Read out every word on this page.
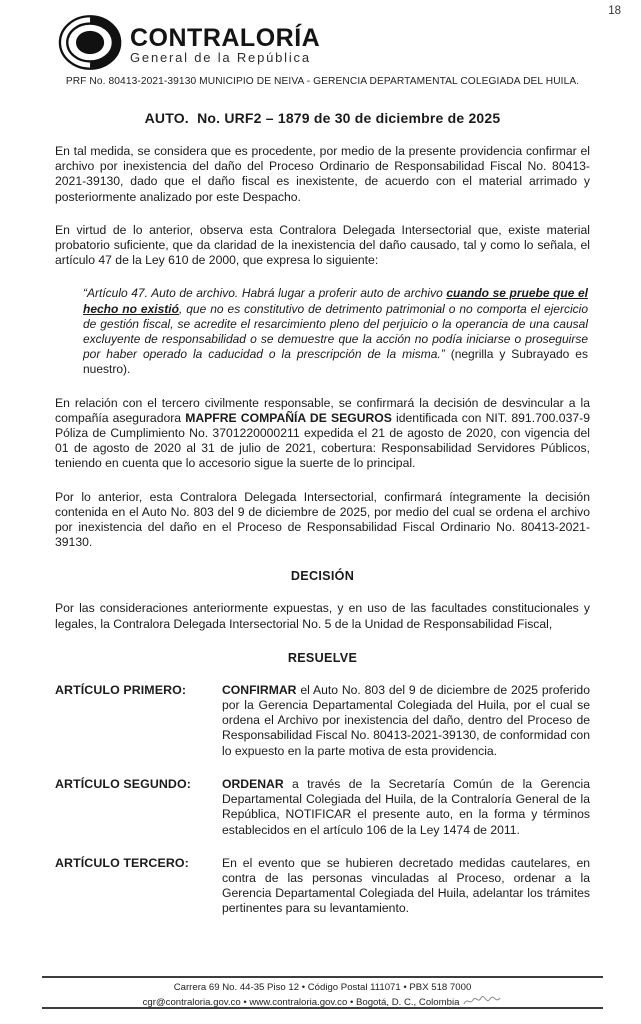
18
CONTRALORÍA
General de la República
PRF No. 80413-2021-39130 MUNICIPIO DE NEIVA - GERENCIA DEPARTAMENTAL COLEGIADA DEL HUILA.
AUTO.  No. URF2 – 1879 de 30 de diciembre de 2025

En tal medida, se considera que es procedente, por medio de la presente providencia confirmar el archivo por inexistencia del daño del Proceso Ordinario de Responsabilidad Fiscal No. 80413-2021-39130, dado que el daño fiscal es inexistente, de acuerdo con el material arrimado y posteriormente analizado por este Despacho.

En virtud de lo anterior, observa esta Contralora Delegada Intersectorial que, existe material probatorio suficiente, que da claridad de la inexistencia del daño causado, tal y como lo señala, el artículo 47 de la Ley 610 de 2000, que expresa lo siguiente:

“Artículo 47. Auto de archivo. Habrá lugar a proferir auto de archivo cuando se pruebe que el hecho no existió, que no es constitutivo de detrimento patrimonial o no comporta el ejercicio de gestión fiscal, se acredite el resarcimiento pleno del perjuicio o la operancia de una causal excluyente de responsabilidad o se demuestre que la acción no podía iniciarse o proseguirse por haber operado la caducidad o la prescripción de la misma.” (negrilla y Subrayado es nuestro).

En relación con el tercero civilmente responsable, se confirmará la decisión de desvincular a la compañía aseguradora MAPFRE COMPAÑÍA DE SEGUROS identificada con NIT. 891.700.037-9 Póliza de Cumplimiento No. 3701220000211 expedida el 21 de agosto de 2020, con vigencia del 01 de agosto de 2020 al 31 de julio de 2021, cobertura: Responsabilidad Servidores Públicos, teniendo en cuenta que lo accesorio sigue la suerte de lo principal.

Por lo anterior, esta Contralora Delegada Intersectorial, confirmará íntegramente la decisión contenida en el Auto No. 803 del 9 de diciembre de 2025, por medio del cual se ordena el archivo por inexistencia del daño en el Proceso de Responsabilidad Fiscal Ordinario No. 80413-2021-39130.

DECISIÓN

Por las consideraciones anteriormente expuestas, y en uso de las facultades constitucionales y legales, la Contralora Delegada Intersectorial No. 5 de la Unidad de Responsabilidad Fiscal,

RESUELVE
ARTÍCULO PRIMERO:	CONFIRMAR el Auto No. 803 del 9 de diciembre de 2025 proferido por la Gerencia Departamental Colegiada del Huila, por el cual se ordena el Archivo por inexistencia del daño, dentro del Proceso de Responsabilidad Fiscal No. 80413-2021-39130, de conformidad con lo expuesto en la parte motiva de esta providencia.
ARTÍCULO SEGUNDO:	ORDENAR a través de la Secretaría Común de la Gerencia Departamental Colegiada del Huila, de la Contraloría General de la República, NOTIFICAR el presente auto, en la forma y términos establecidos en el artículo 106 de la Ley 1474 de 2011.
ARTÍCULO TERCERO:	En el evento que se hubieren decretado medidas cautelares, en contra de las personas vinculadas al Proceso, ordenar a la Gerencia Departamental Colegiada del Huila, adelantar los trámites pertinentes para su levantamiento.
Carrera 69 No. 44-35 Piso 12 • Código Postal 111071 • PBX 518 7000
cgr@contraloria.gov.co • www.contraloria.gov.co • Bogotá, D. C., Colombia
